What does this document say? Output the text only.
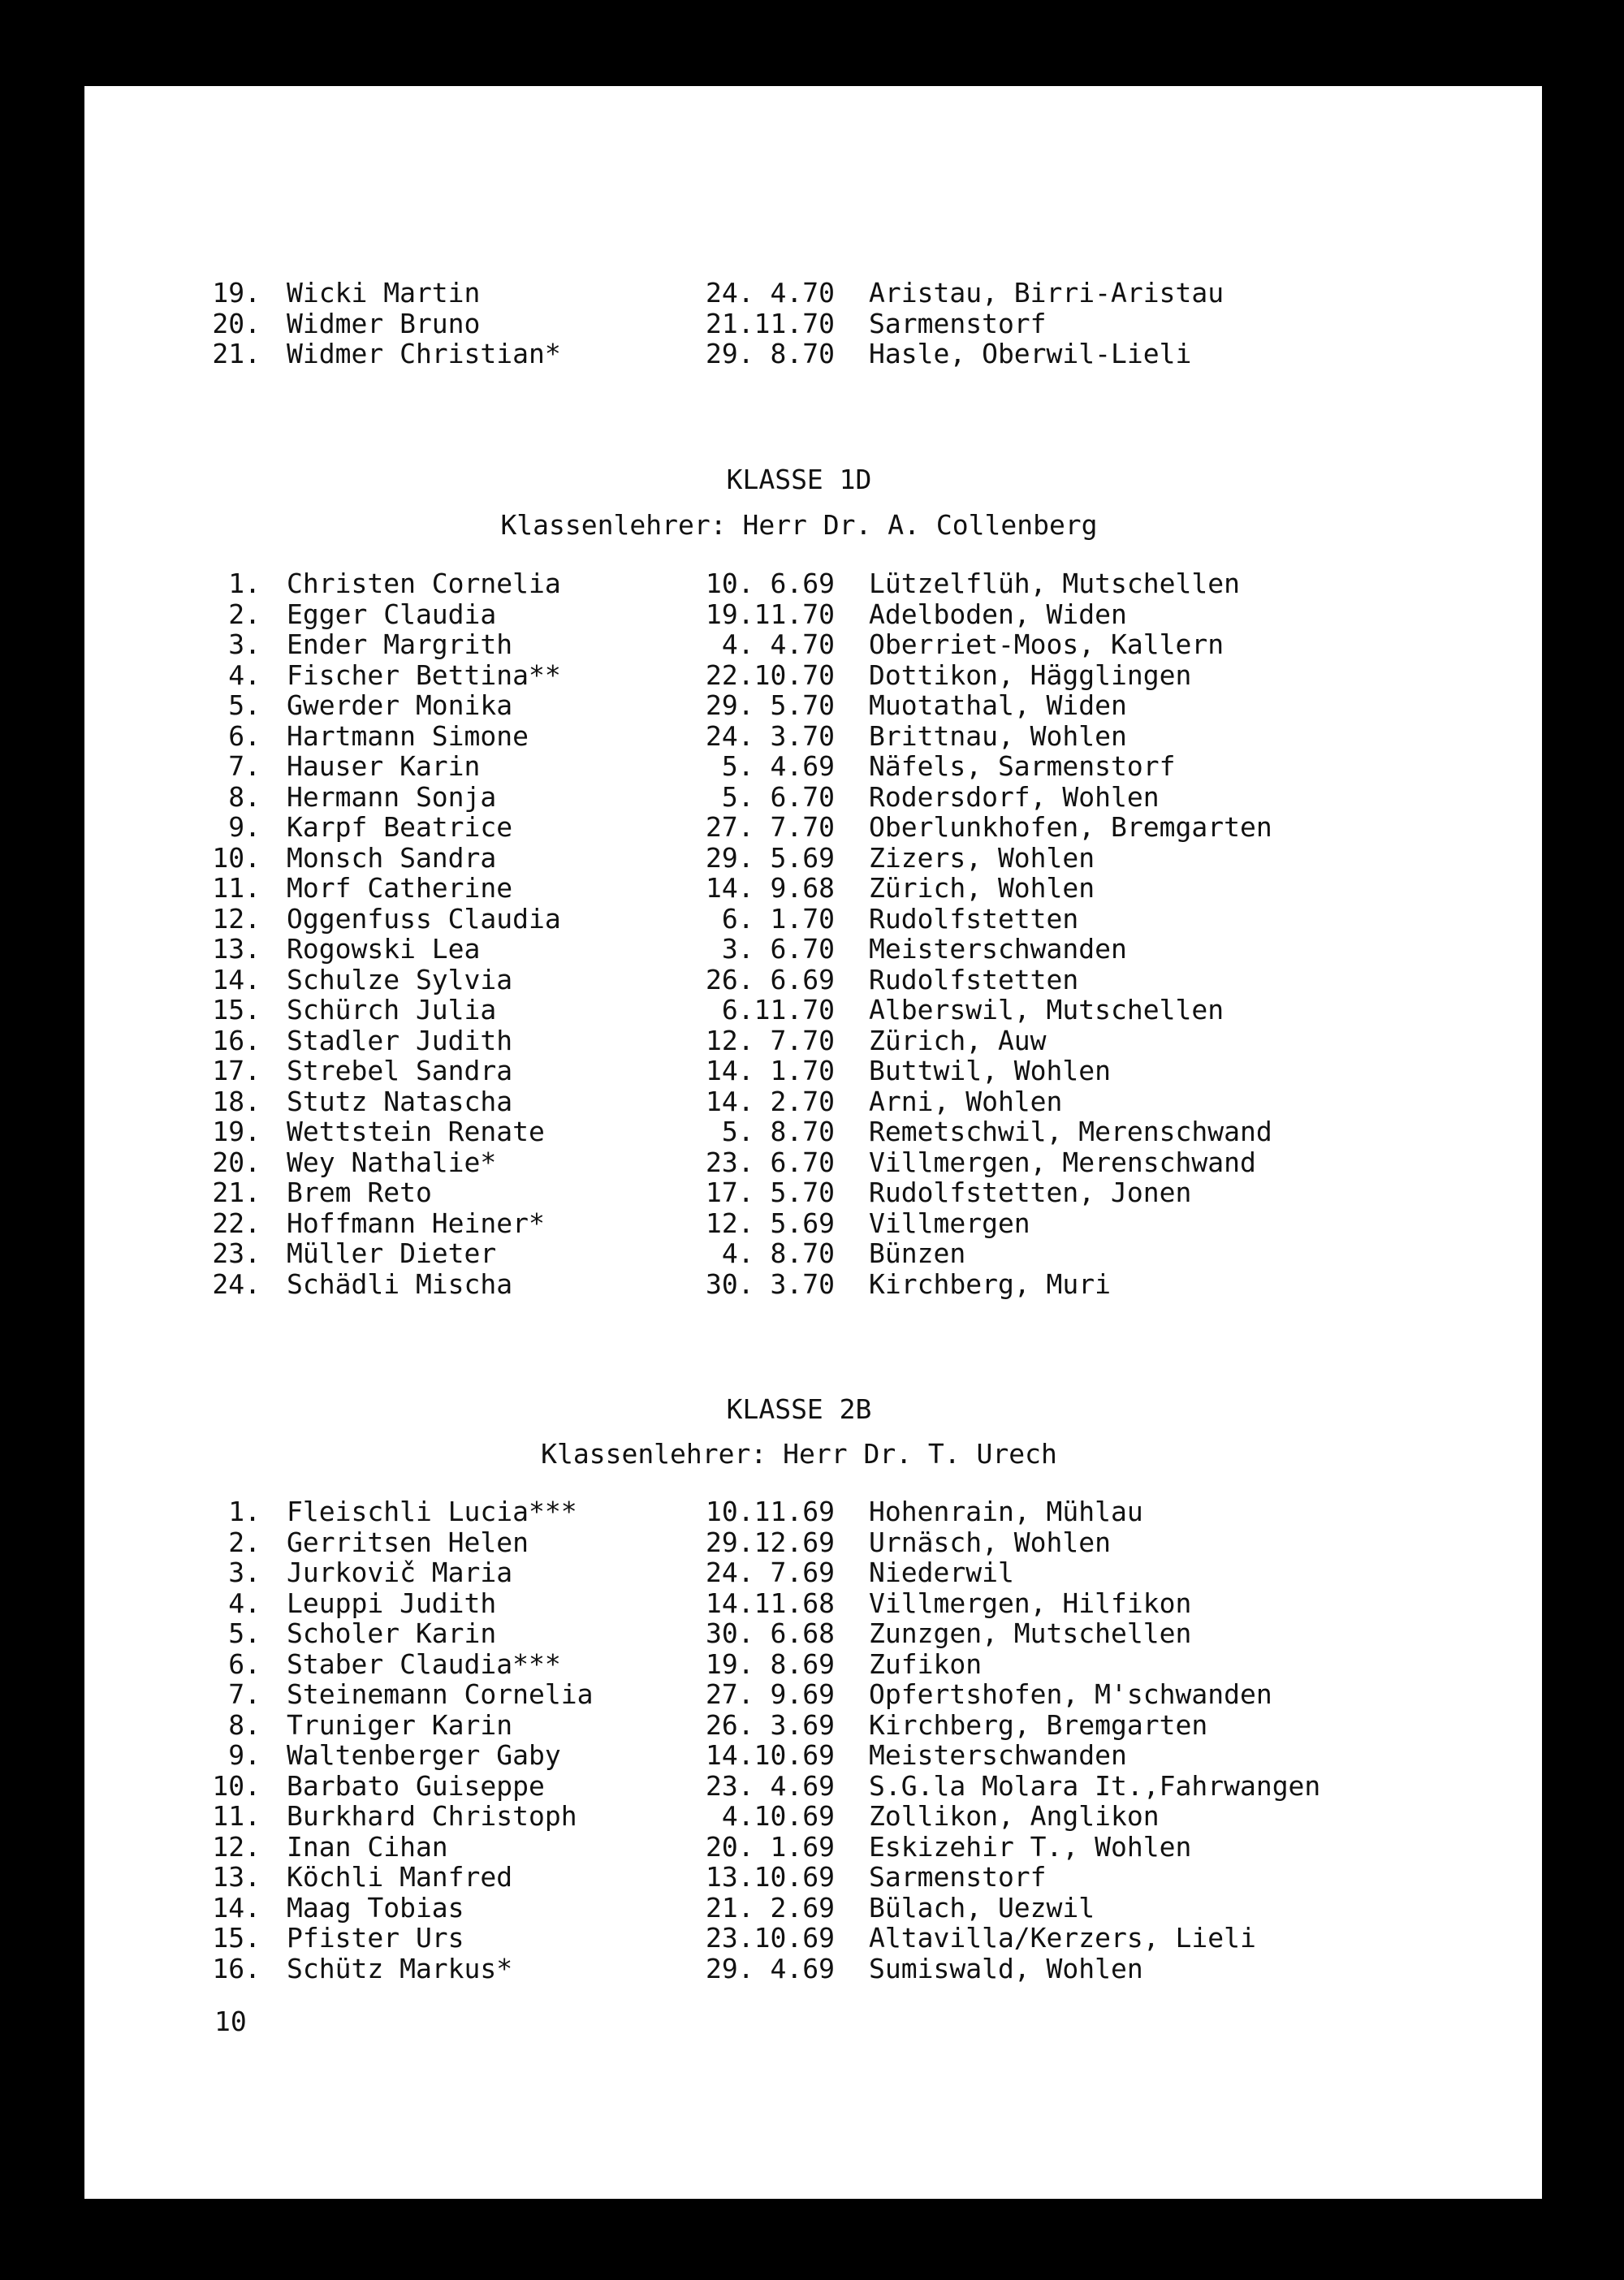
19. Wicki Martin	24. 4.70 Aristau, Birri-Aristau
20. Widmer Bruno	21.11.70 Sarmenstorf
21. Widmer Christian*	29. 8.70 Hasle, Oberwil-Lieli
KLASSE 1D
Klassenlehrer: Herr Dr. A. Collenberg
1. Christen Cornelia	10. 6.69 Lützelflüh, Mutschellen
2. Egger Claudia	19.11.70 Adelboden, Widen
3. Ender Margrith	4. 4.70 Oberriet-Moos, Kallern
4. Fischer Bettina**	22.10.70 Dottikon, Hägglingen
5. Gwerder Monika	29. 5.70 Muotathal, Widen
6. Hartmann Simone	24. 3.70 Brittnau, Wohlen
7. Hauser Karin	5. 4.69 Näfels, Sarmenstorf
8. Hermann Sonja	5. 6.70 Rodersdorf, Wohlen
9. Karpf Beatrice	27. 7.70 Oberlunkhofen, Bremgarten
10. Monsch Sandra	29. 5.69 Zizers, Wohlen
11. Morf Catherine	14. 9.68 Zürich, Wohlen
12. Oggenfuss Claudia	6. 1.70 Rudolfstetten
13. Rogowski Lea	3. 6.70 Meisterschwanden
14. Schulze Sylvia	26. 6.69 Rudolfstetten
15. Schürch Julia	6.11.70 Alberswil, Mutschellen
16. Stadler Judith	12. 7.70 Zürich, Auw
17. Strebel Sandra	14. 1.70 Buttwil, Wohlen
18. Stutz Natascha	14. 2.70 Arni, Wohlen
19. Wettstein Renate	5. 8.70 Remetschwil, Merenschwand
20. Wey Nathalie*	23. 6.70 Villmergen, Merenschwand
21. Brem Reto	17. 5.70 Rudolfstetten, Jonen
22. Hoffmann Heiner*	12. 5.69 Villmergen
23. Müller Dieter	4. 8.70 Bünzen
24. Schädli Mischa	30. 3.70 Kirchberg, Muri
KLASSE 2B
Klassenlehrer: Herr Dr. T. Urech
1. Fleischli Lucia***	10.11.69 Hohenrain, Mühlau
2. Gerritsen Helen	29.12.69 Urnäsch, Wohlen
3. Jurkovič Maria	24. 7.69 Niederwil
4. Leuppi Judith	14.11.68 Villmergen, Hilfikon
5. Scholer Karin	30. 6.68 Zunzgen, Mutschellen
6. Staber Claudia***	19. 8.69 Zufikon
7. Steinemann Cornelia	27. 9.69 Opfertshofen, M'schwanden
8. Truniger Karin	26. 3.69 Kirchberg, Bremgarten
9. Waltenberger Gaby	14.10.69 Meisterschwanden
10. Barbato Guiseppe	23. 4.69 S.G.la Molara It.,Fahrwangen
11. Burkhard Christoph	4.10.69 Zollikon, Anglikon
12. Inan Cihan	20. 1.69 Eskizehir T., Wohlen
13. Köchli Manfred	13.10.69 Sarmenstorf
14. Maag Tobias	21. 2.69 Bülach, Uezwil
15. Pfister Urs	23.10.69 Altavilla/Kerzers, Lieli
16. Schütz Markus*	29. 4.69 Sumiswald, Wohlen
10
